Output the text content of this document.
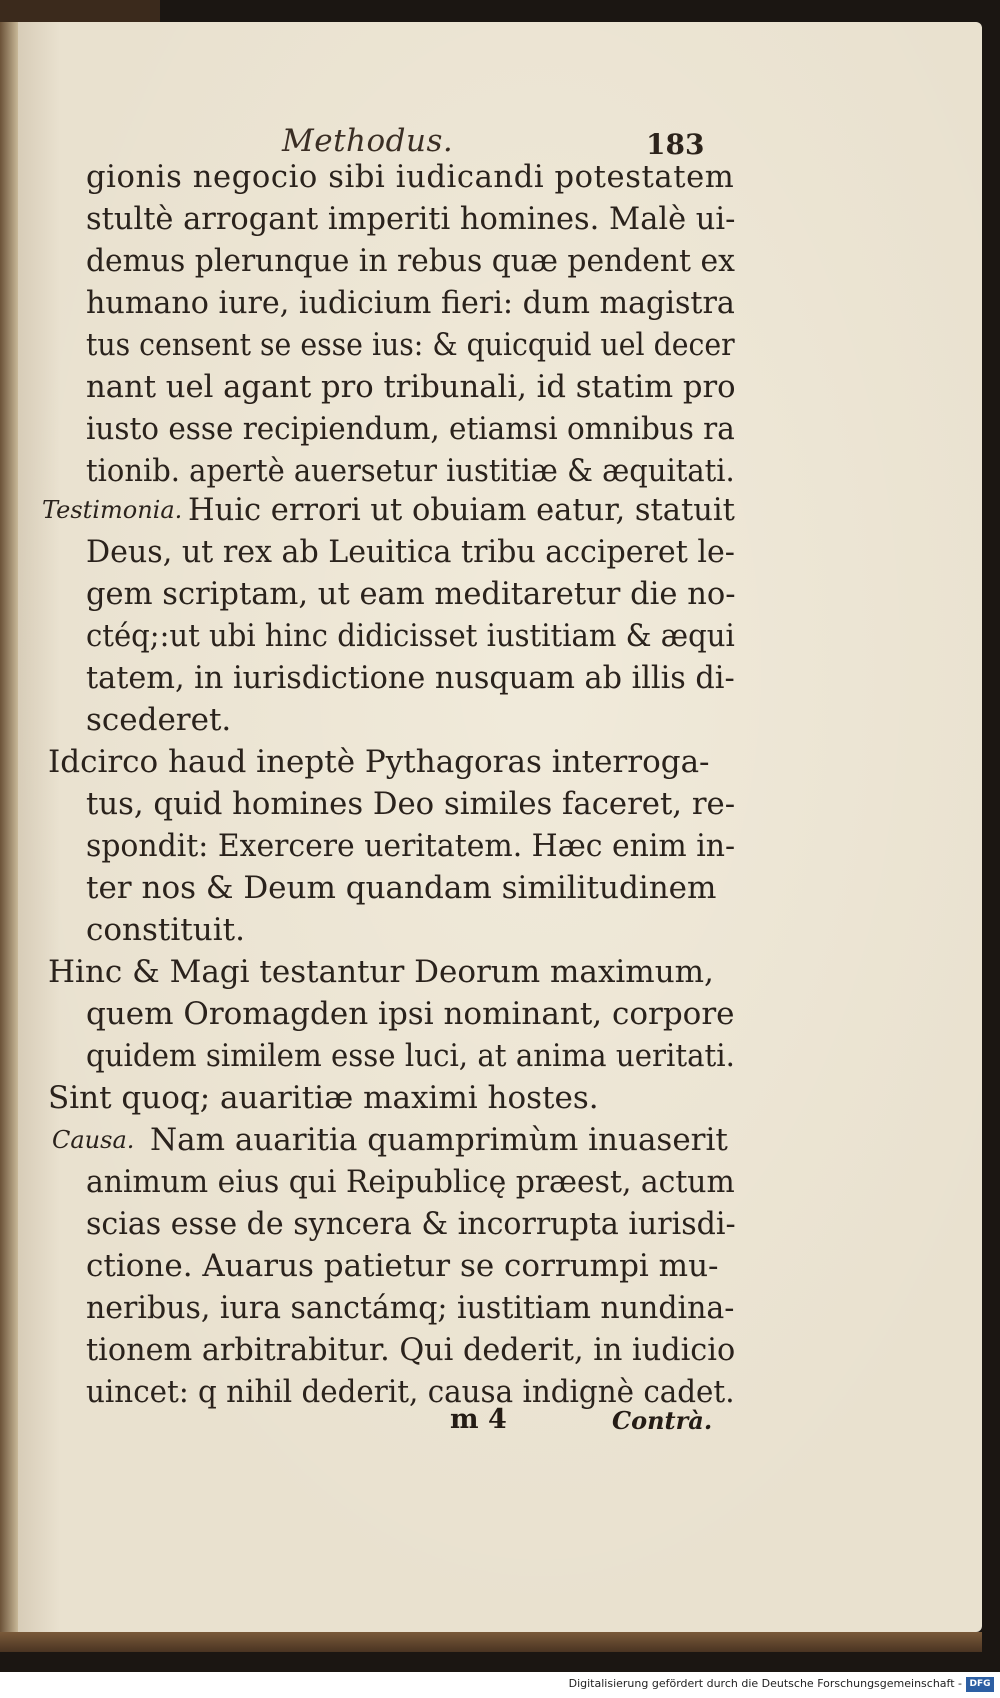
Methodus.	183
gionis negocio sibi iudicandi potestatem
stultè arrogant imperiti homines. Malè ui-
demus plerunque in rebus quæ pendent ex
humano iure, iudicium fieri: dum magistra
tus censent se esse ius: & quicquid uel decer
nant uel agant pro tribunali, id statim pro
iusto esse recipiendum, etiamsi omnibus ra
tionib. apertè auersetur iustitiæ & æquitati.
Testimonia. Huic errori ut obuiam eatur, statuit
Deus, ut rex ab Leuitica tribu acciperet le-
gem scriptam, ut eam meditaretur die no-
ctéq;:ut ubi hinc didicisset iustitiam & æqui
tatem, in iurisdictione nusquam ab illis di-
scederet.
Idcirco haud ineptè Pythagoras interroga-
tus, quid homines Deo similes faceret, re-
spondit: Exercere ueritatem. Hæc enim in-
ter nos & Deum quandam similitudinem
constituit.
Hinc & Magi testantur Deorum maximum,
quem Oromagden ipsi nominant, corpore
quidem similem esse luci, at anima ueritati.
Sint quoq; auaritiæ maximi hostes.
Causa. Nam auaritia quamprimùm inuaserit
animum eius qui Reipublicę præest, actum
scias esse de syncera & incorrupta iurisdi-
ctione. Auarus patietur se corrumpi mu-
neribus, iura sanctámq; iustitiam nundina-
tionem arbitrabitur. Qui dederit, in iudicio
uincet: q nihil dederit, causa indignè cadet.
m 4	Contrà.
Digitalisierung gefördert durch die Deutsche Forschungsgemeinschaft - DFG
